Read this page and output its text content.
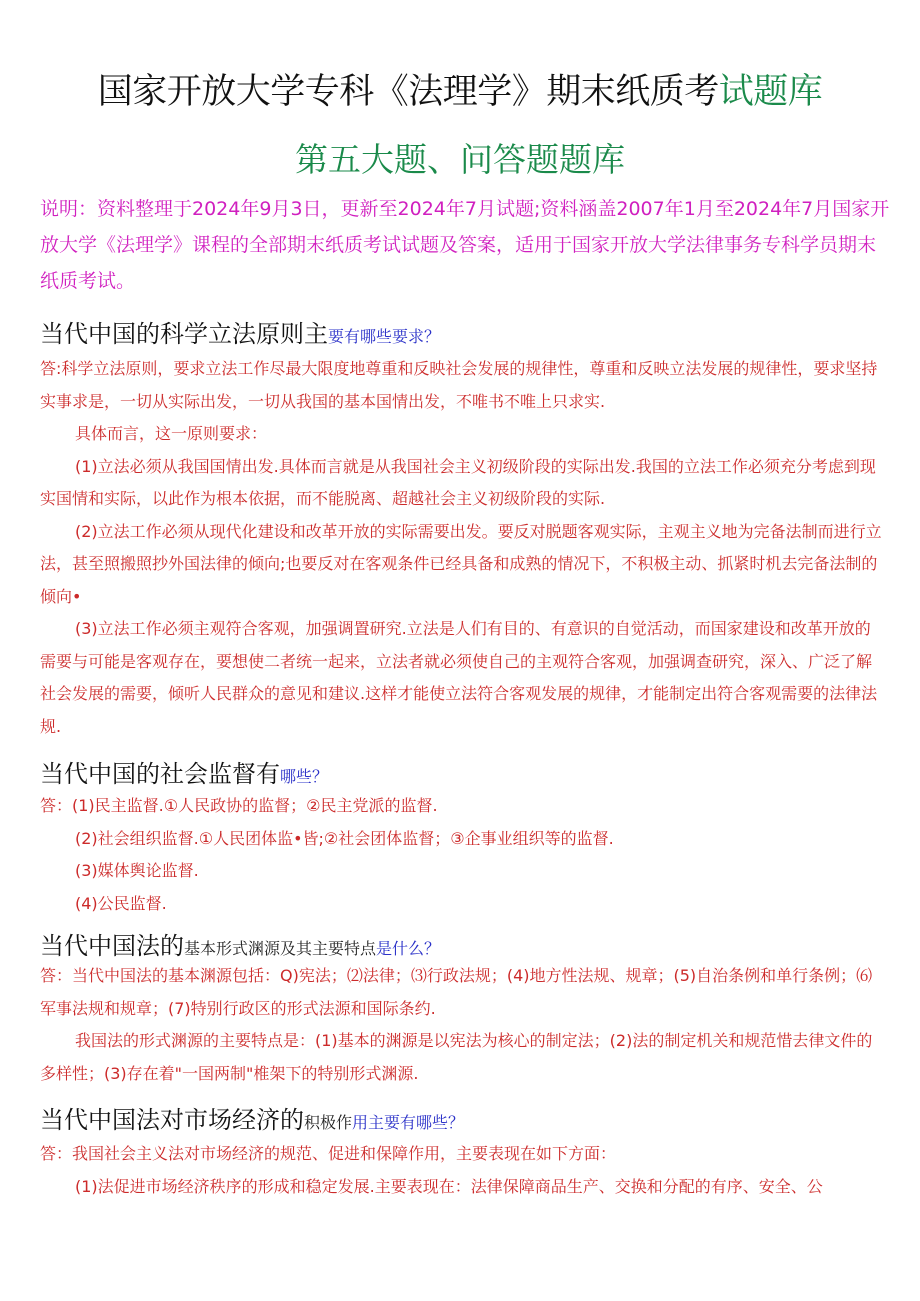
国家开放大学专科《法理学》期末纸质考试题库
第五大题、问答题题库
说明：资料整理于2024年9月3日，更新至2024年7月试题;资料涵盖2007年1月至2024年7月国家开放大学《法理学》课程的全部期末纸质考试试题及答案，适用于国家开放大学法律事务专科学员期末纸质考试。
当代中国的科学立法原则主要有哪些要求？

答:科学立法原则，要求立法工作尽最大限度地尊重和反映社会发展的规律性，尊重和反映立法发展的规律性，要求坚持实事求是，一切从实际出发，一切从我国的基本国情出发，不唯书不唯上只求实.

具体而言，这一原则要求：

(1)立法必须从我国国情出发.具体而言就是从我国社会主义初级阶段的实际出发.我国的立法工作必须充分考虑到现实国情和实际，以此作为根本依据，而不能脱离、超越社会主义初级阶段的实际.

(2)立法工作必须从现代化建设和改革开放的实际需要出发。要反对脱题客观实际，主观主义地为完备法制而进行立法，甚至照搬照抄外国法律的倾向;也要反对在客观条件已经具备和成熟的情况下，不积极主动、抓紧时机去完备法制的倾向•

(3)立法工作必须主观符合客观，加强调置研究.立法是人们有目的、有意识的自觉活动，而国家建设和改革开放的需要与可能是客观存在，要想使二者统一起来，立法者就必须使自己的主观符合客观，加强调查研究，深入、广泛了解社会发展的需要，倾听人民群众的意见和建议.这样才能使立法符合客观发展的规律，才能制定出符合客观需要的法律法规.

当代中国的社会监督有哪些？

答：(1)民主监督.①人民政协的监督；②民主党派的监督.

(2)社会组织监督.①人民团体监•皆;②社会团体监督；③企事业组织等的监督.

(3)媒体舆论监督.

(4)公民监督.

当代中国法的基本形式渊源及其主要特点是什么？

答：当代中国法的基本渊源包括：Q)宪法；⑵法律；⑶行政法规；(4)地方性法规、规章；(5)自治条例和单行条例；⑹军事法规和规章；(7)特别行政区的形式法源和国际条约.

我国法的形式渊源的主要特点是：(1)基本的渊源是以宪法为核心的制定法；(2)法的制定机关和规范惜去律文件的多样性；(3)存在着"一国两制"椎架下的特别形式渊源.

当代中国法对市场经济的积极作用主要有哪些？

答：我国社会主义法对市场经济的规范、促进和保障作用，主要表现在如下方面：

(1)法促进市场经济秩序的形成和稳定发展.主要表现在：法律保障商品生产、交换和分配的有序、安全、公
